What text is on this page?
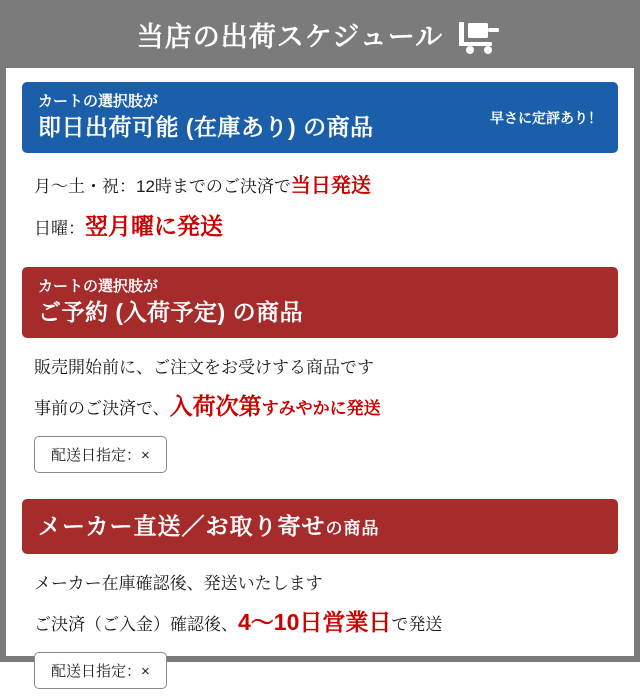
当店の出荷スケジュール
カートの選択肢が
即日出荷可能 (在庫あり) の商品	早さに定評あり！
月〜土・祝：12時までのご決済で当日発送
日曜：翌月曜に発送
カートの選択肢が
ご予約 (入荷予定) の商品
販売開始前に、ご注文をお受けする商品です
事前のご決済で、入荷次第すみやかに発送
配送日指定：×
メーカー直送／お取り寄せの商品
メーカー在庫確認後、発送いたします
ご決済（ご入金）確認後、4〜10日営業日で発送
配送日指定：×
